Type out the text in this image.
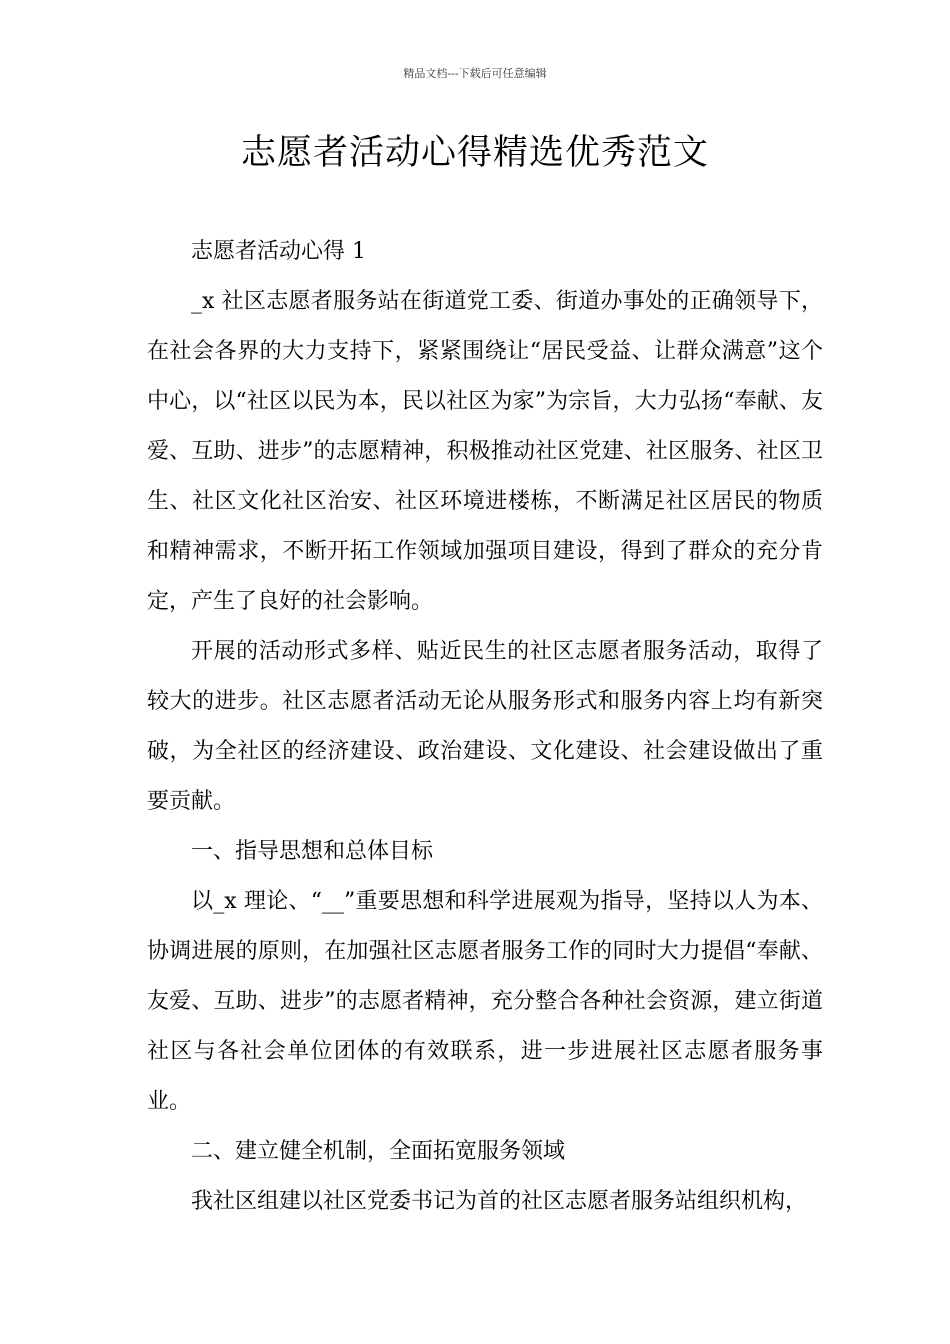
精品文档---下载后可任意编辑
志愿者活动心得精选优秀范文

志愿者活动心得 1

_x 社区志愿者服务站在街道党工委、街道办事处的正确领导下，在社会各界的大力支持下，紧紧围绕让“居民受益、让群众满意”这个中心，以“社区以民为本，民以社区为家”为宗旨，大力弘扬“奉献、友爱、互助、进步”的志愿精神，积极推动社区党建、社区服务、社区卫生、社区文化社区治安、社区环境进楼栋，不断满足社区居民的物质和精神需求，不断开拓工作领域加强项目建设，得到了群众的充分肯定，产生了良好的社会影响。

开展的活动形式多样、贴近民生的社区志愿者服务活动，取得了较大的进步。社区志愿者活动无论从服务形式和服务内容上均有新突破，为全社区的经济建设、政治建设、文化建设、社会建设做出了重要贡献。

一、指导思想和总体目标

以_x 理论、“__”重要思想和科学进展观为指导，坚持以人为本、协调进展的原则，在加强社区志愿者服务工作的同时大力提倡“奉献、友爱、互助、进步”的志愿者精神，充分整合各种社会资源，建立街道社区与各社会单位团体的有效联系，进一步进展社区志愿者服务事业。

二、建立健全机制，全面拓宽服务领域

我社区组建以社区党委书记为首的社区志愿者服务站组织机构，
